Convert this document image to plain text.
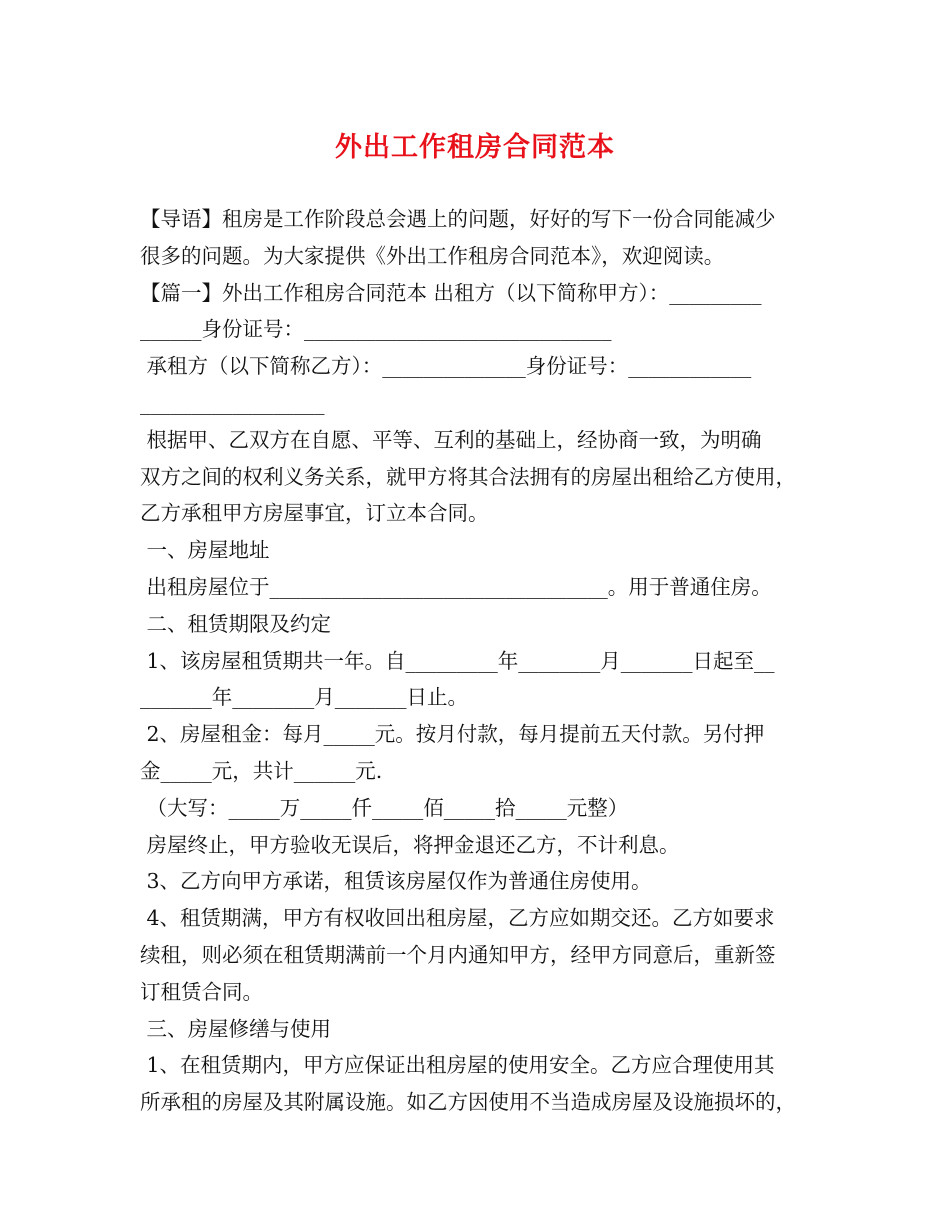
外出工作租房合同范本
【导语】租房是工作阶段总会遇上的问题，好好的写下一份合同能减少
很多的问题。为大家提供《外出工作租房合同范本》，欢迎阅读。
【篇一】外出工作租房合同范本 出租方（以下简称甲方）：_________
______身份证号：______________________________
承租方（以下简称乙方）：______________身份证号：____________
__________________
根据甲、乙双方在自愿、平等、互利的基础上，经协商一致，为明确
双方之间的权利义务关系，就甲方将其合法拥有的房屋出租给乙方使用，
乙方承租甲方房屋事宜，订立本合同。
一、房屋地址
出租房屋位于_________________________________。用于普通住房。
二、租赁期限及约定
1、该房屋租赁期共一年。自_________年________月_______日起至__
_______年________月_______日止。
2、房屋租金：每月_____元。按月付款，每月提前五天付款。另付押
金_____元，共计______元.
（大写：_____万_____仟_____佰_____拾_____元整）
房屋终止，甲方验收无误后，将押金退还乙方，不计利息。
3、乙方向甲方承诺，租赁该房屋仅作为普通住房使用。
4、租赁期满，甲方有权收回出租房屋，乙方应如期交还。乙方如要求
续租，则必须在租赁期满前一个月内通知甲方，经甲方同意后，重新签
订租赁合同。
三、房屋修缮与使用
1、在租赁期内，甲方应保证出租房屋的使用安全。乙方应合理使用其
所承租的房屋及其附属设施。如乙方因使用不当造成房屋及设施损坏的，
